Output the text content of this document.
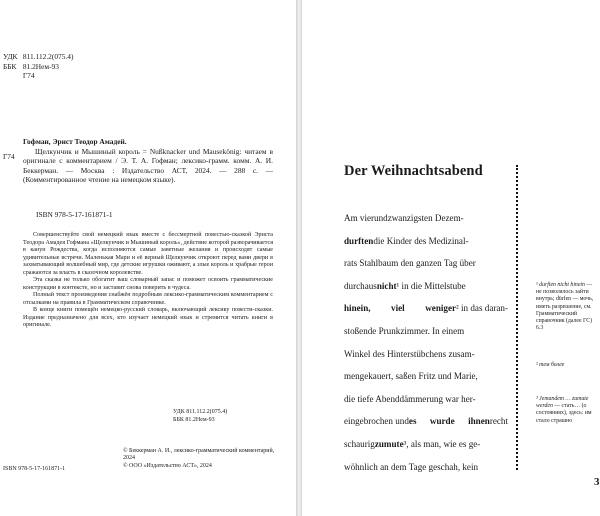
УДК 811.112.2(075.4)
ББК 81.2Нем-93
Г74
Г74
Гофман, Эрнст Теодор Амадей.
Щелкунчик и Мышиный король = Nußknacker und Mausekönig: читаем в оригинале с комментарием / Э. Т. А. Гофман; лексико-грамм. комм. А. И. Беккерман. — Москва : Издательство АСТ, 2024. — 288 с. — (Комментированное чтение на немецком языке).
ISBN 978-5-17-161871-1

Совершенствуйте свой немецкий язык вместе с бессмертной повестью-сказкой Эрнста Теодора Амадея Гофмана «Щелкунчик и Мышиный король», действие которой разворачивается в канун Рождества, когда исполняются самые заветные желания и происходят самые удивительные встречи. Маленькая Мари и её верный Щелкунчик откроют перед вами двери в захватывающий волшебный мир, где детские игрушки оживают, а злые король и храбрые герои сражаются за власть в сказочном королевстве.

Эта сказка не только обогатит ваш словарный запас и поможет освоить грамматические конструкции в контексте, но и заставит снова поверить в чудеса.

Полный текст произведения снабжён подробным лексико-грамматическим комментарием с отсылками на правила в Грамматическом справочнике.

В конце книги помещён немецко-русский словарь, включающий лексику повести-сказки. Издание предназначено для всех, кто изучает немецкий язык и стремится читать книги в оригинале.

УДК 811.112.2(075.4)
ББК 81.2Нем-93
ISBN 978-5-17-161871-1
© Беккерман А. И., лексико-грамматический комментарий, 2024
© ООО «Издательство АСТ», 2024
Der Weihnachtsabend
Am vierundzwanzigsten Dezem-
durftendie Kinder des Medizinal-
rats Stahlbaum den ganzen Tag über
durchausnicht¹ in die Mittelstube
hinein, viel weniger² in das daran-
stoßende Prunkzimmer. In einem
Winkel des Hinterstübchens zusam-
mengekauert, saßen Fritz und Marie,
die tiefe Abenddämmerung war her-
eingebrochen undes wurde ihnenrecht
schaurigzumute³, als man, wie es ge-
wöhnlich an dem Tage geschah, kein
¹ durften nicht hinein — не позволялось зайти внутрь; dürfen — мочь, иметь разрешение, см. Грамматический справочник (далее ГС) 6.3
² тем более
³ Jemandem … zumute werden — стать… (о состояниях), здесь: им стало страшно
3
